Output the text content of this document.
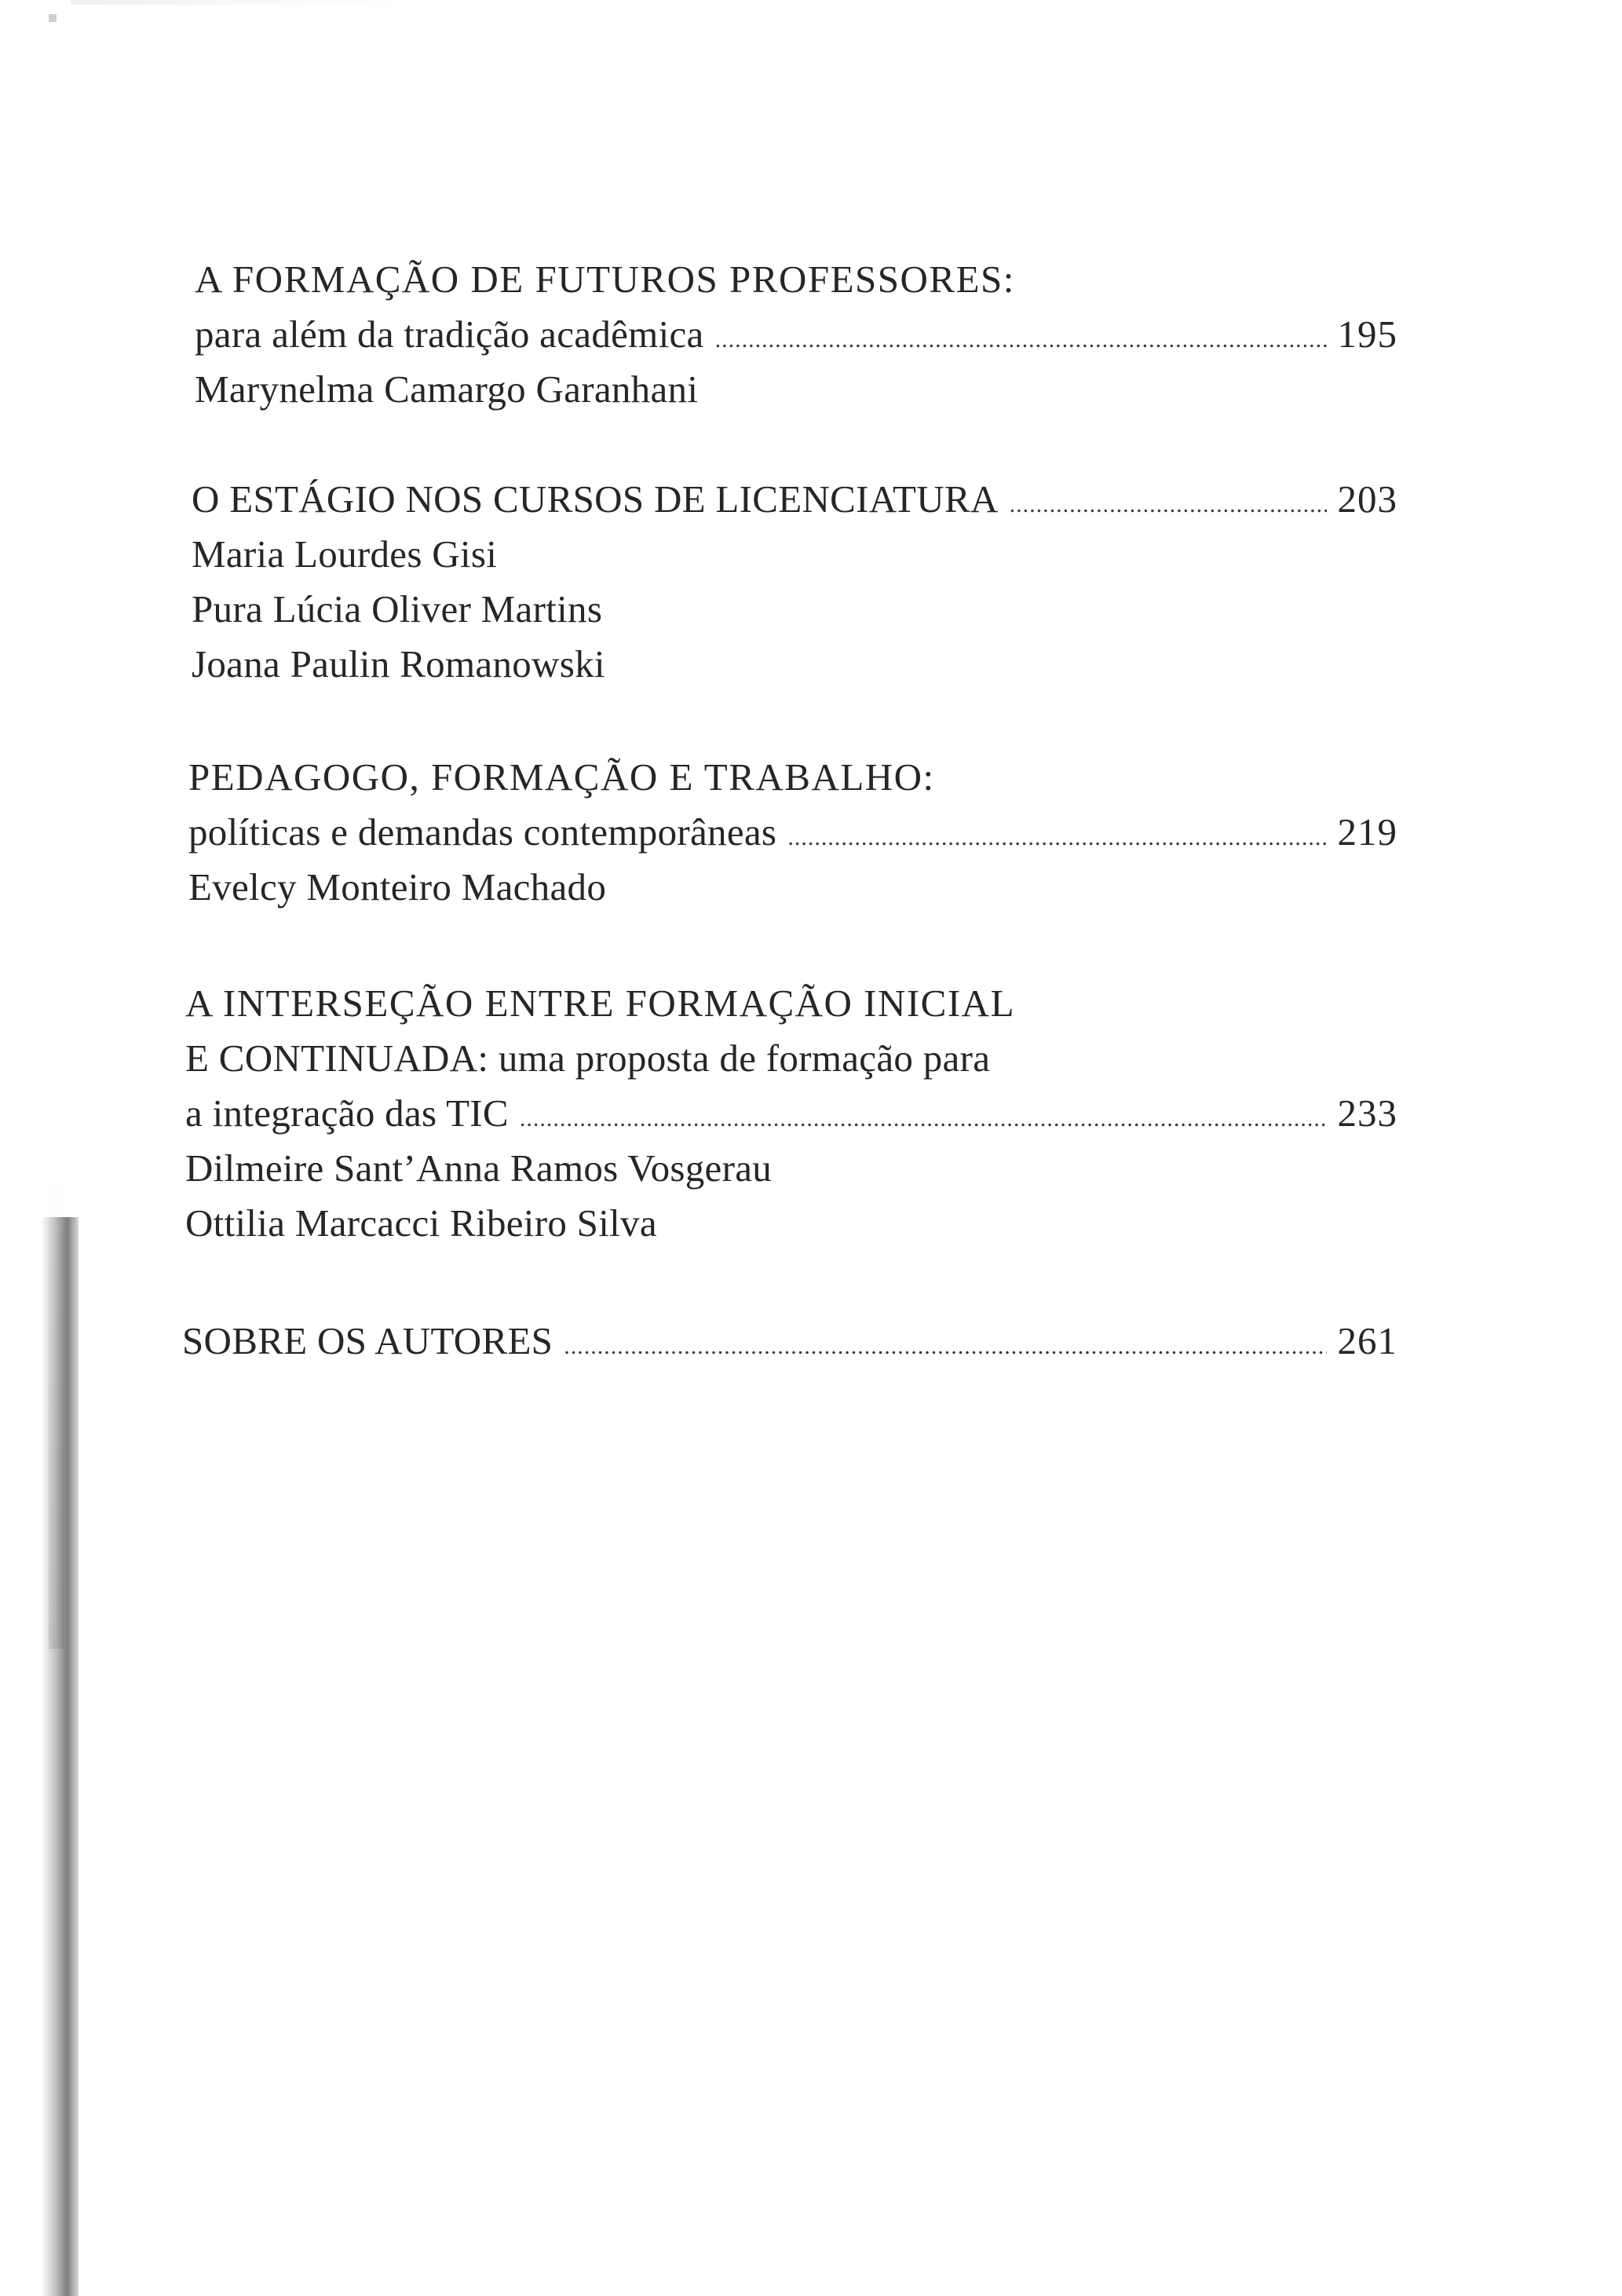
A FORMAÇÃO DE FUTUROS PROFESSORES:
para além da tradição acadêmica .....	195
Marynelma Camargo Garanhani
O ESTÁGIO NOS CURSOS DE LICENCIATURA .....	203
Maria Lourdes Gisi
Pura Lúcia Oliver Martins
Joana Paulin Romanowski
PEDAGOGO, FORMAÇÃO E TRABALHO:
políticas e demandas contemporâneas .....	219
Evelcy Monteiro Machado
A INTERSEÇÃO ENTRE FORMAÇÃO INICIAL
E CONTINUADA: uma proposta de formação para
a integração das TIC .....	233
Dilmeire Sant’Anna Ramos Vosgerau
Ottilia Marcacci Ribeiro Silva
SOBRE OS AUTORES .....	261
